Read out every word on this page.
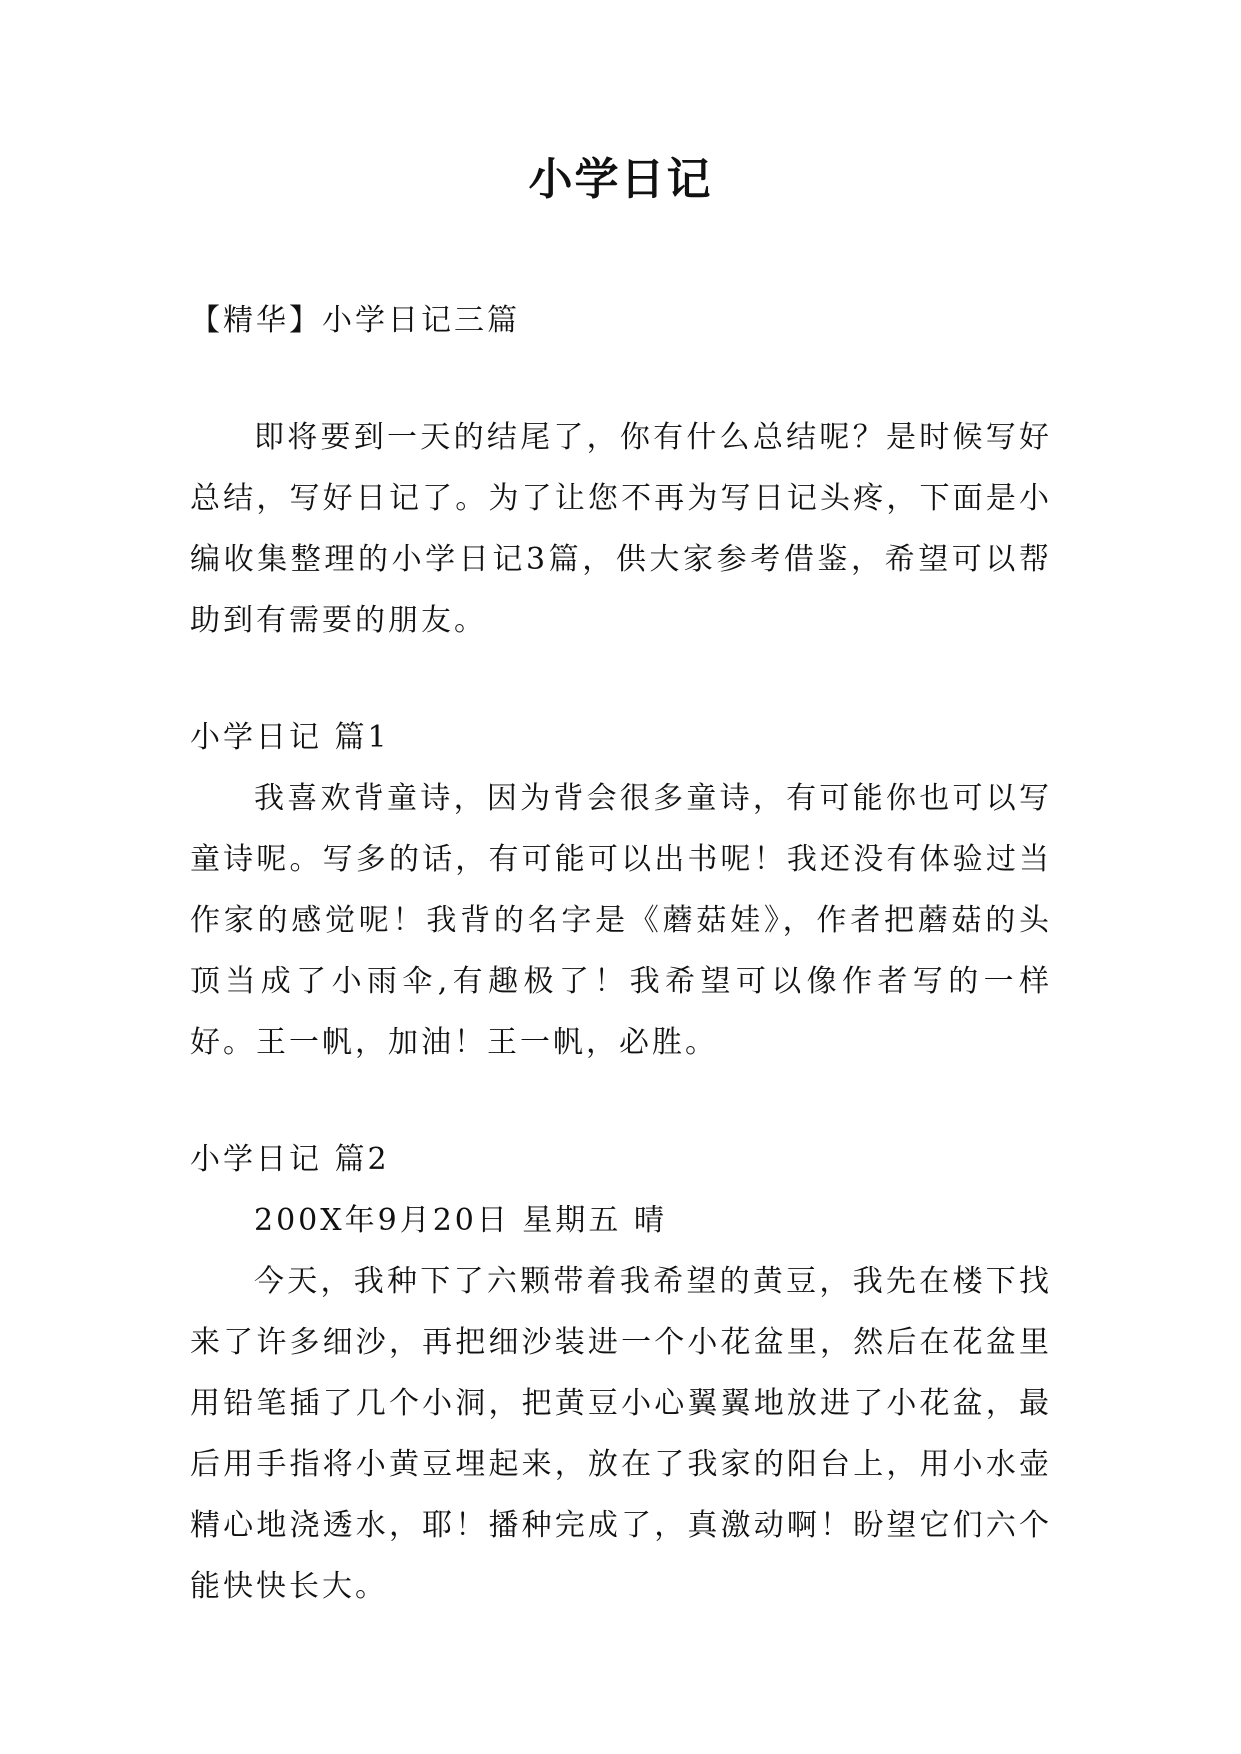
小学日记

【精华】小学日记三篇

即将要到一天的结尾了，你有什么总结呢？是时候写好总结，写好日记了。为了让您不再为写日记头疼，下面是小编收集整理的小学日记3篇，供大家参考借鉴，希望可以帮助到有需要的朋友。

小学日记 篇1

我喜欢背童诗，因为背会很多童诗，有可能你也可以写童诗呢。写多的话，有可能可以出书呢！我还没有体验过当作家的感觉呢！我背的名字是《蘑菇娃》，作者把蘑菇的头顶当成了小雨伞,有趣极了！我希望可以像作者写的一样好。王一帆，加油！王一帆，必胜。

小学日记 篇2

200X年9月20日 星期五 晴

今天，我种下了六颗带着我希望的黄豆，我先在楼下找来了许多细沙，再把细沙装进一个小花盆里，然后在花盆里用铅笔插了几个小洞，把黄豆小心翼翼地放进了小花盆，最后用手指将小黄豆埋起来，放在了我家的阳台上，用小水壶精心地浇透水，耶！播种完成了，真激动啊！盼望它们六个能快快长大。
